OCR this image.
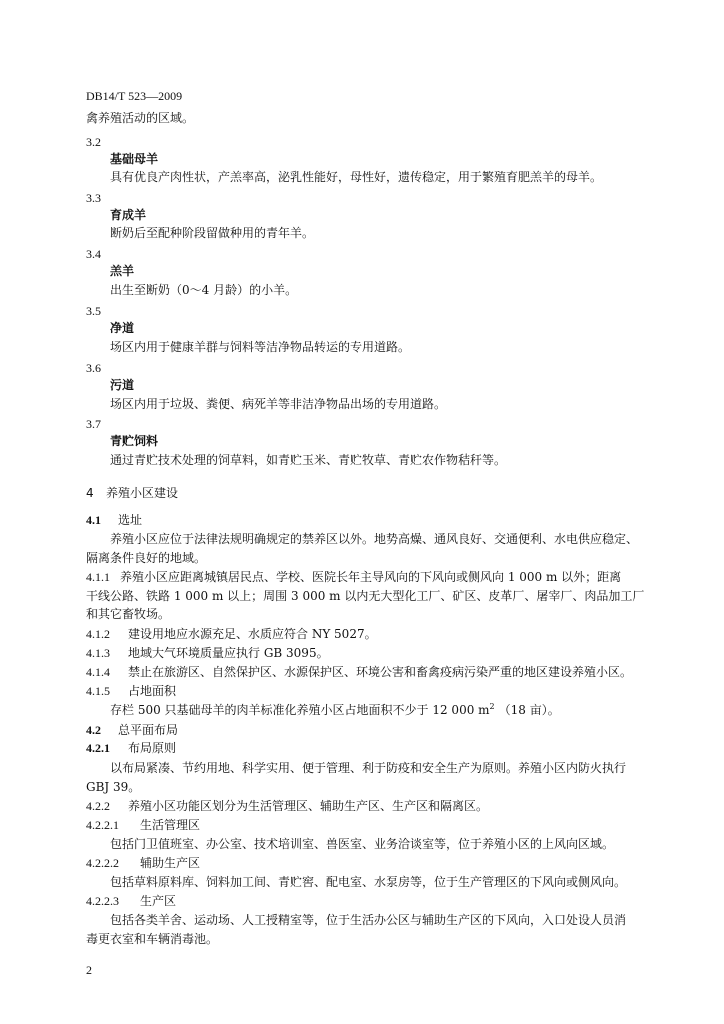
DB14/T 523—2009
禽养殖活动的区域。
3.2
基础母羊
具有优良产肉性状，产羔率高，泌乳性能好，母性好，遗传稳定，用于繁殖育肥羔羊的母羊。
3.3
育成羊
断奶后至配种阶段留做种用的青年羊。
3.4
羔羊
出生至断奶（0～4 月龄）的小羊。
3.5
净道
场区内用于健康羊群与饲料等洁净物品转运的专用道路。
3.6
污道
场区内用于垃圾、粪便、病死羊等非洁净物品出场的专用道路。
3.7
青贮饲料
通过青贮技术处理的饲草料，如青贮玉米、青贮牧草、青贮农作物秸秆等。
4 养殖小区建设
4.1 选址
养殖小区应位于法律法规明确规定的禁养区以外。地势高燥、通风良好、交通便利、水电供应稳定、
隔离条件良好的地域。
4.1.1 养殖小区应距离城镇居民点、学校、医院长年主导风向的下风向或侧风向 1 000 m 以外；距离
干线公路、铁路 1 000 m 以上；周围 3 000 m 以内无大型化工厂、矿区、皮革厂、屠宰厂、肉品加工厂
和其它畜牧场。
4.1.2 建设用地应水源充足、水质应符合 NY 5027。
4.1.3 地域大气环境质量应执行 GB 3095。
4.1.4 禁止在旅游区、自然保护区、水源保护区、环境公害和畜禽疫病污染严重的地区建设养殖小区。
4.1.5 占地面积
存栏 500 只基础母羊的肉羊标准化养殖小区占地面积不少于 12 000 $m^2$ （18 亩）。
4.2 总平面布局
4.2.1 布局原则
以布局紧凑、节约用地、科学实用、便于管理、利于防疫和安全生产为原则。养殖小区内防火执行
GBJ 39。
4.2.2 养殖小区功能区划分为生活管理区、辅助生产区、生产区和隔离区。
4.2.2.1 生活管理区
包括门卫值班室、办公室、技术培训室、兽医室、业务洽谈室等，位于养殖小区的上风向区域。
4.2.2.2 辅助生产区
包括草料原料库、饲料加工间、青贮窖、配电室、水泵房等，位于生产管理区的下风向或侧风向。
4.2.2.3 生产区
包括各类羊舍、运动场、人工授精室等，位于生活办公区与辅助生产区的下风向，入口处设人员消
毒更衣室和车辆消毒池。
2
